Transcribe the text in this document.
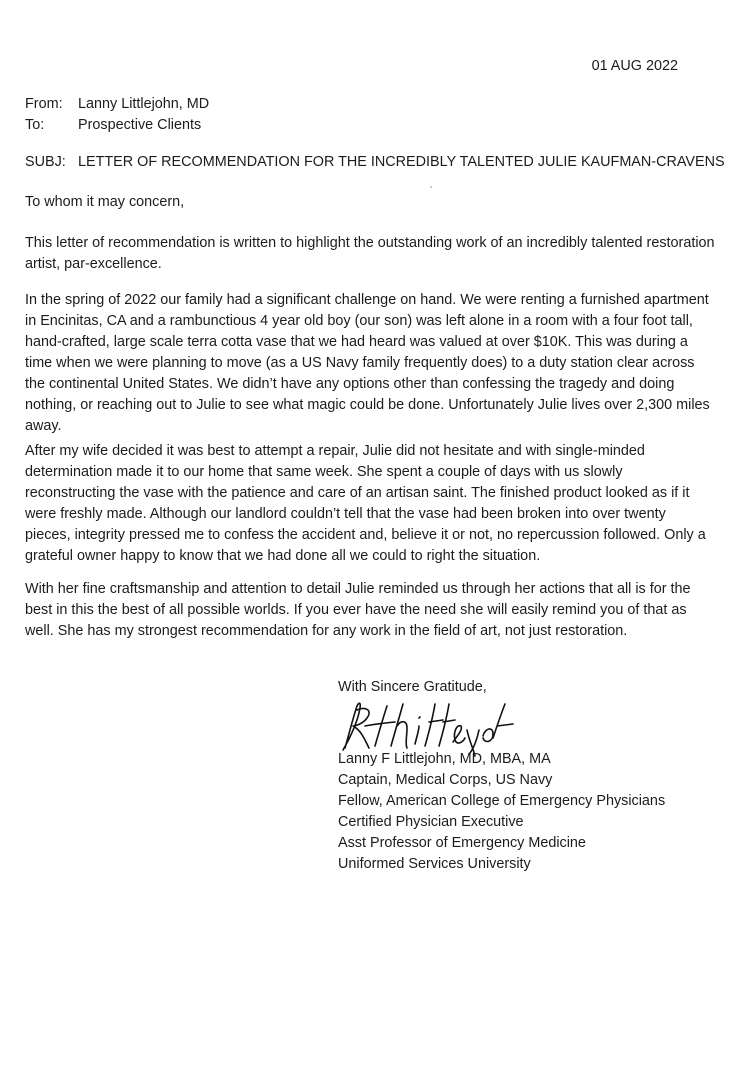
01 AUG 2022
From:	Lanny Littlejohn, MD
To:	Prospective Clients
SUBJ: LETTER OF RECOMMENDATION FOR THE INCREDIBLY TALENTED JULIE KAUFMAN-CRAVENS
To whom it may concern,

This letter of recommendation is written to highlight the outstanding work of an incredibly talented restoration artist, par-excellence.

In the spring of 2022 our family had a significant challenge on hand. We were renting a furnished apartment in Encinitas, CA and a rambunctious 4 year old boy (our son) was left alone in a room with a four foot tall, hand-crafted, large scale terra cotta vase that we had heard was valued at over $10K. This was during a time when we were planning to move (as a US Navy family frequently does) to a duty station clear across the continental United States. We didn’t have any options other than confessing the tragedy and doing nothing, or reaching out to Julie to see what magic could be done. Unfortunately Julie lives over 2,300 miles away.

After my wife decided it was best to attempt a repair, Julie did not hesitate and with single-minded determination made it to our home that same week. She spent a couple of days with us slowly reconstructing the vase with the patience and care of an artisan saint. The finished product looked as if it were freshly made. Although our landlord couldn’t tell that the vase had been broken into over twenty pieces, integrity pressed me to confess the accident and, believe it or not, no repercussion followed. Only a grateful owner happy to know that we had done all we could to right the situation.

With her fine craftsmanship and attention to detail Julie reminded us through her actions that all is for the best in this the best of all possible worlds. If you ever have the need she will easily remind you of that as well. She has my strongest recommendation for any work in the field of art, not just restoration.

With Sincere Gratitude,
Lanny F Littlejohn, MD, MBA, MA
Captain, Medical Corps, US Navy
Fellow, American College of Emergency Physicians
Certified Physician Executive
Asst Professor of Emergency Medicine
Uniformed Services University
